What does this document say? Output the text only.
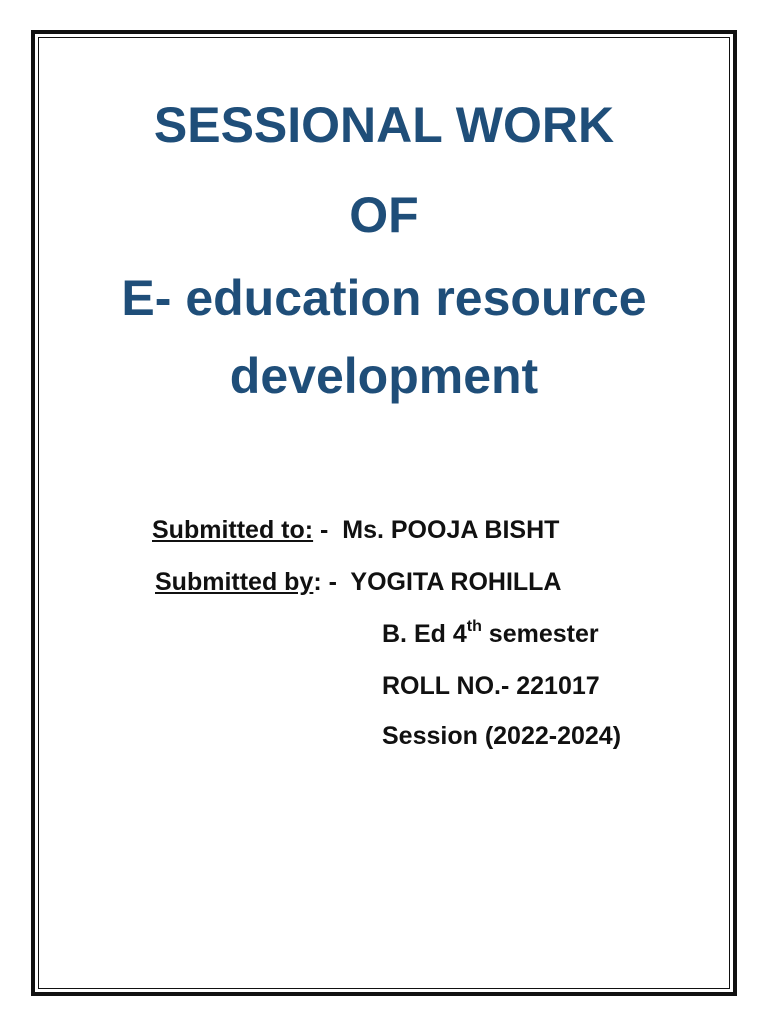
SESSIONAL WORK
OF
E- education resource
development
Submitted to: -  Ms. POOJA BISHT
Submitted by: -  YOGITA ROHILLA
B. Ed 4th semester
ROLL NO.- 221017
Session (2022-2024)
